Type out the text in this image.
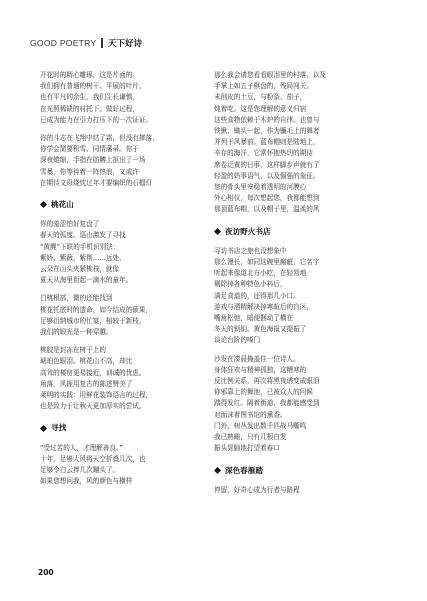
GOOD POETRY 天下好诗

开花时的精心雕琢，这是片面的。
我们拥有普通的树干、平展的叶片，
也有平凡的余生，我们生长谦慎，
在光照稀缺的村托下。做好过程，
已成为能力在引力打压下的一次证证。

你的斗志在飞翔中结了霜，但没有摔落，
你学会简要积雪、同情藩帚。你于
深夜蜷缩，手指在肪膊上抠出了一场
雪暴，你等待着一阵热浪，又或许
在期待文母烧忱过年才要编织的石榴灯

桃花山

你的羞涩怕好复盘了
春天的弧度。巡山激发了寻找
“黄麂”下联的手机识别法：
紫娇、紫薇、紫荆……远处，
云朵在山头夹紧桃枝，就像
夏天从海里衔起一滴水的童年。

白桃根部，微的还能找到
桃花托底时的遗命，如今结成的硕果，
足够衍纳城市的忙宴，相较于新枝，
我们的眼光是一种穿越。

桃胶是封冻在树干上的
琥珀色眼泪。桃花山不高，却比
高耸的楼房更易接近，训诫的忧虑。
角落，风捱用复古的陈述赞美了
莱明的实践：用鲜花装饰语言的过程，
也是致力于让秋天更加厚实的尝试。

寻找

“受过苦的人，才理解善良。”
十年，足够大风将天空折叠几次，也
足够令白云捧几次蹦头了。
如果您想问我，风的颜色与横样

那么我会请您看看眼泪里的村落，以及
手掌上如五子棋盘的，残局闯关。
未削皮的土豆，与粉条、茄子，
炖着吃。这是您理解的意义归宿
这些食物依赖于木炉的自律。也曾与
铁锹、锄头一起，作为镰毛上的舞者
并列于风暴前。蓝布帽则是陆地上，
辛存的海洋，它常怀抱热切的期待
席卷泛黄的日事，这样脚步声就有了
轻盈的奶事语气，以及倔强的象征。
您的骨头里安稳着透明的河膜心
外心相仪，每次想起您，我都能想到
那顶蓝布帽，以及帽子里，温柔的风

夜访野火书店

寻访书店之旅也没想象中
那么漫长，如同这碗里瘢疵，它名字
听起来像道北方小吃，在轻易地
剔除掉各种特色小料后，
满足食道的，还得那几小口。
游戏与洒精解决掉寒暄后的盲区，
嘴角松弛，暗便捆动了横在
冬天的锁钥。黄色海报又提振了
谈论台阶的嗓门

沙发在凑晨掩盖住一位诗人。
身体狂欢与精神孤独，这糟寒的
反比例关系，再次将黑夜诱变成眼泪
你邪靠上的舞池，已被众人的问候
踏得发红。隔着街道，我都能感受到
对面沫着图书馆的熏香。
门外，树丛发出数千匹战马嘶鸣
我已熟睡，只有几根白发
振头晃脑地打望着春口

深色春雁踏

停留，好奇心成为行者与路程

200
